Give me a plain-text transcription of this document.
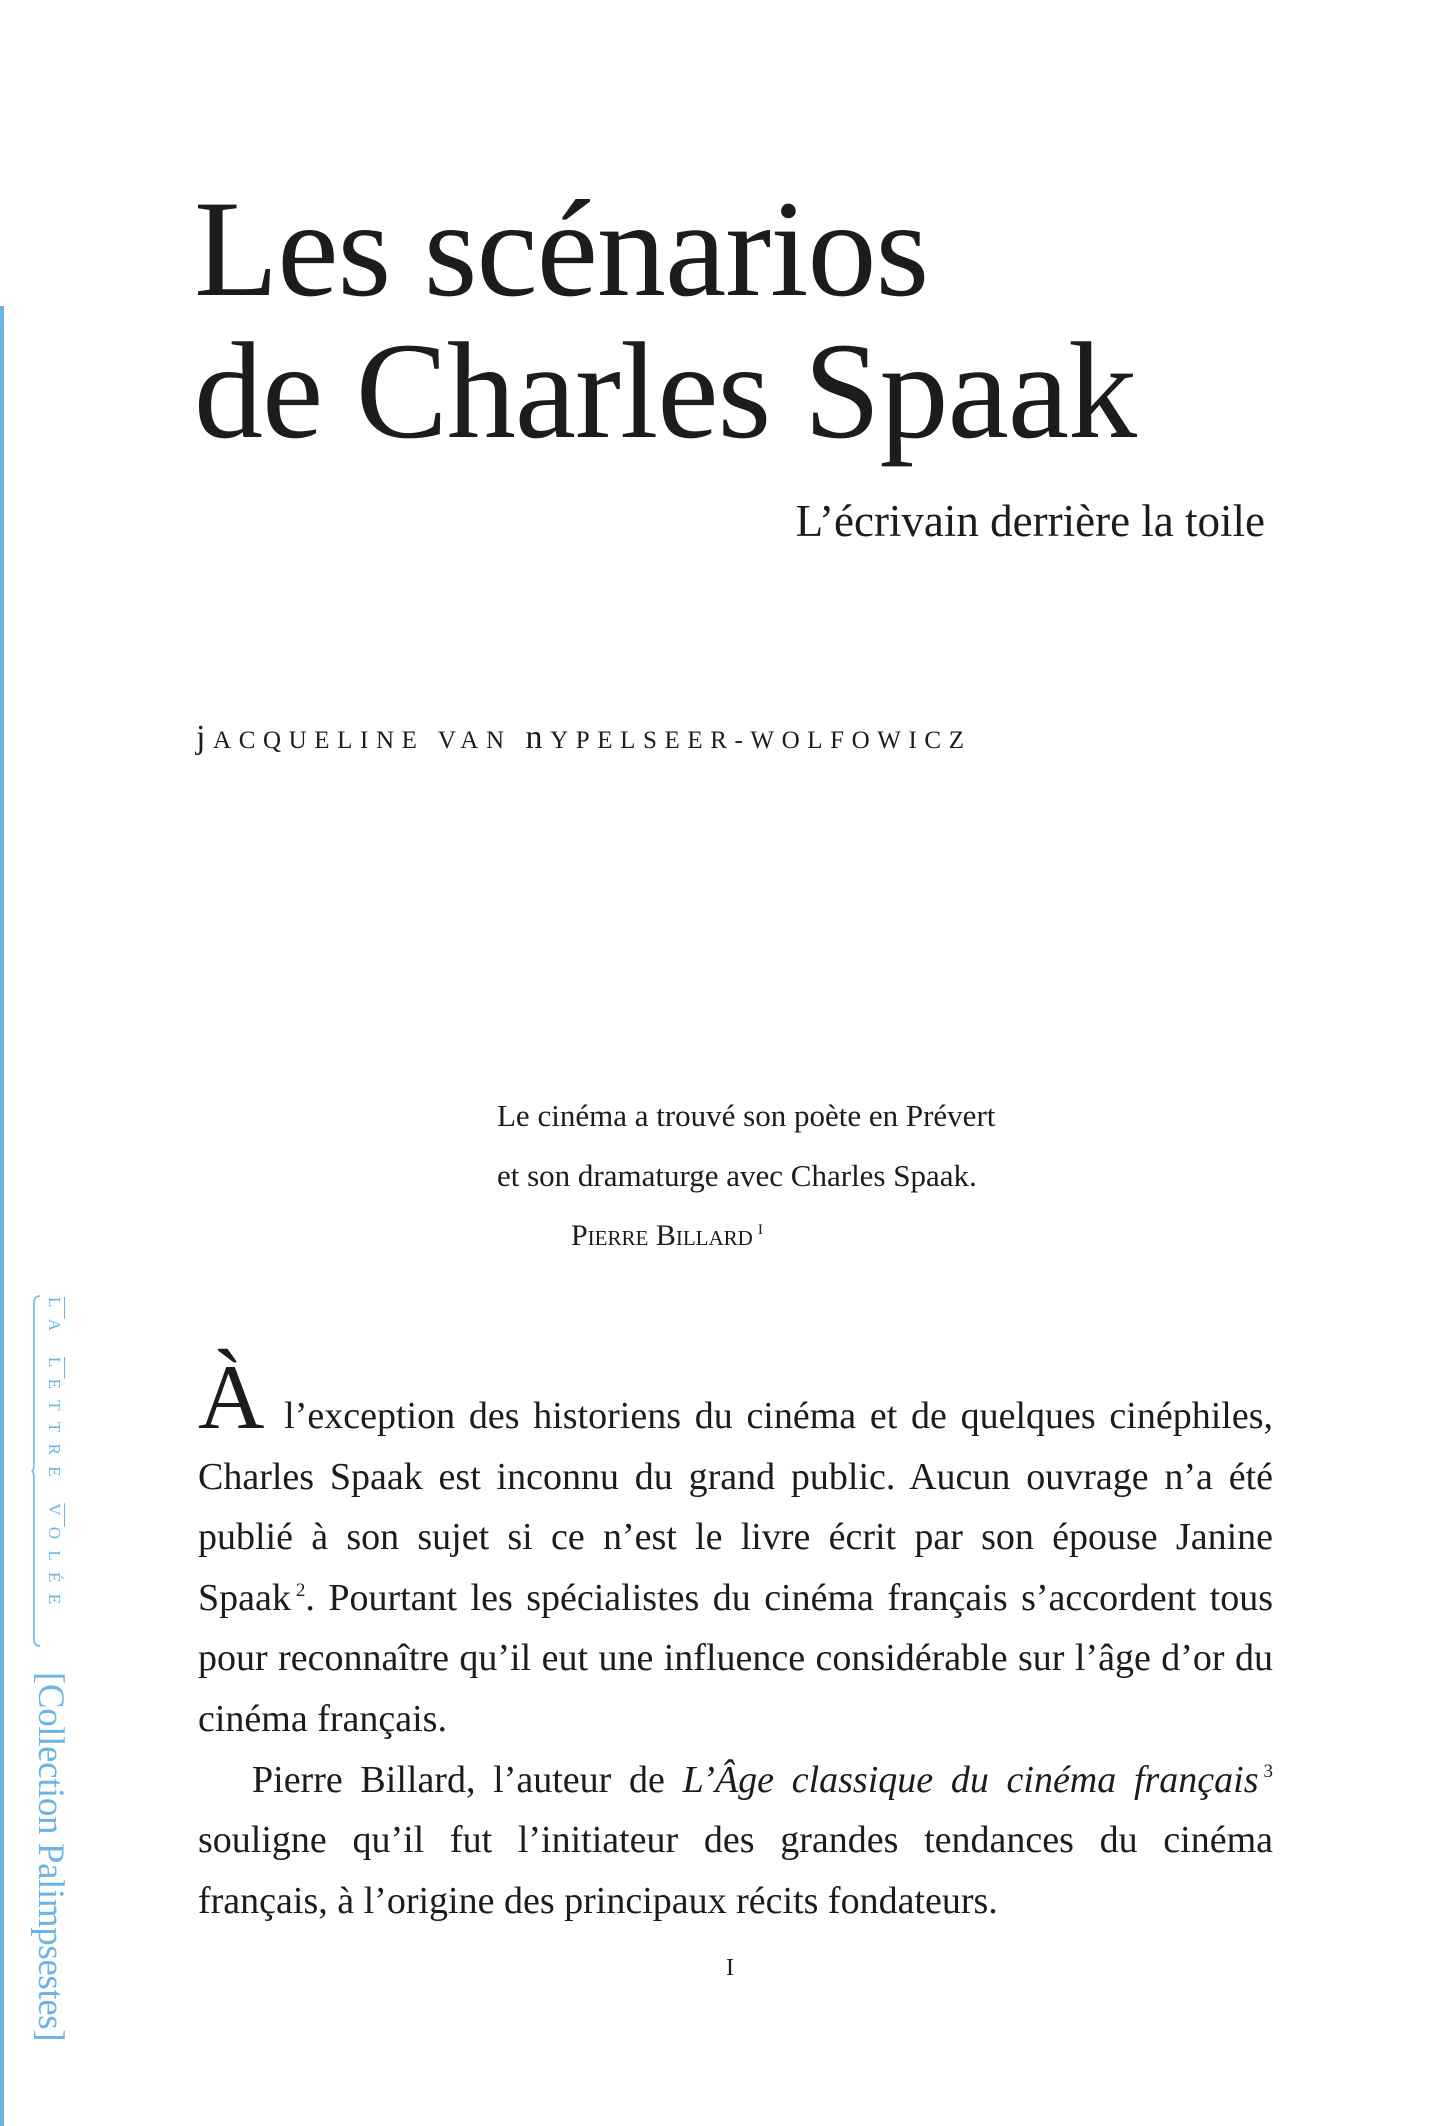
$\overline{L}A$ $\overline{L}ETTRE$ $\overline{V}OLÉE$
[Collection Palimpsestes]
Les scénarios
de Charles Spaak
L’écrivain derrière la toile
jACQUELINE VAN nYPELSEER-WOLFOWICZ
Le cinéma a trouvé son poète en Prévert
et son dramaturge avec Charles Spaak.
Pierre Billard $^I$

À l’exception des historiens du cinéma et de quelques cinéphiles, Charles Spaak est inconnu du grand public. Aucun ouvrage n’a été publié à son sujet si ce n’est le livre écrit par son épouse Janine Spaak $^2$. Pourtant les spécialistes du cinéma français s’accordent tous pour reconnaître qu’il eut une influence considérable sur l’âge d’or du cinéma français.

Pierre Billard, l’auteur de L’Âge classique du cinéma français $^3$ souligne qu’il fut l’initiateur des grandes tendances du cinéma français, à l’origine des principaux récits fondateurs.

I
